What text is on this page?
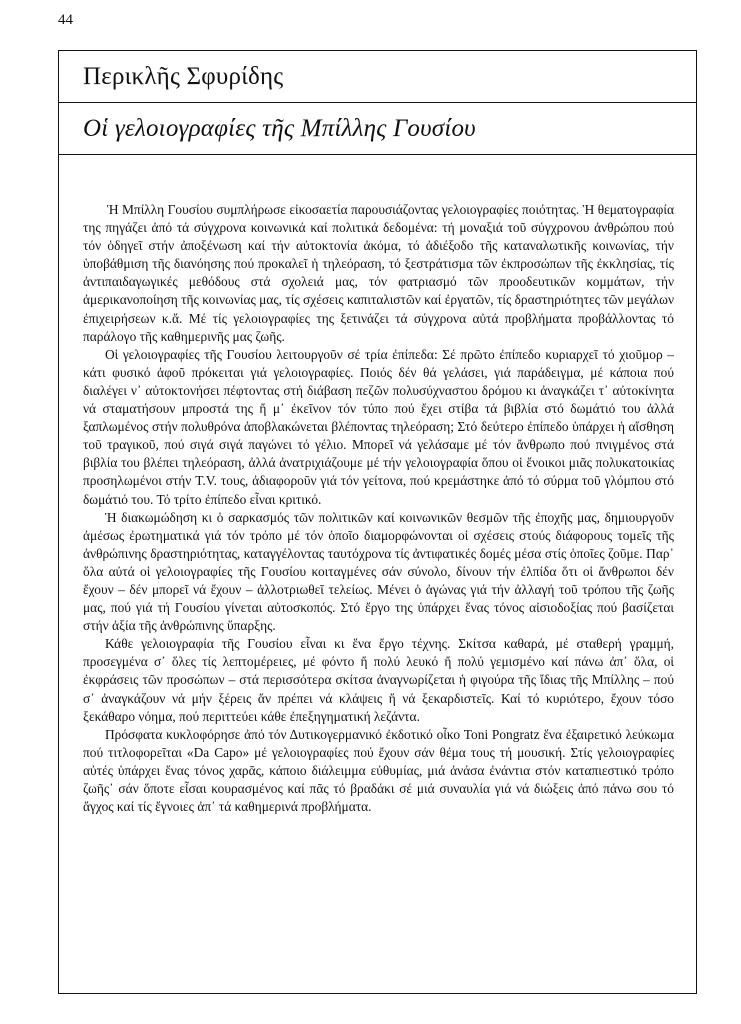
44
Περικλῆς Σφυρίδης
Οἱ γελοιογραφίες τῆς Μπίλλης Γουσίου

Ἡ Μπίλλη Γουσίου συμπλήρωσε εἰκοσαετία παρουσιάζοντας γελοιογραφίες ποιότητας. Ἡ θεματογραφία της πηγάζει ἀπό τά σύγχρονα κοινωνικά καί πολιτικά δεδομένα: τή μοναξιά τοῦ σύγχρονου ἀνθρώπου πού τόν ὁδηγεῖ στήν ἀποξένωση καί τήν αὐτοκτονία ἀκόμα, τό ἀδιέξοδο τῆς καταναλωτικῆς κοινωνίας, τήν ὑποβάθμιση τῆς διανόησης πού προκαλεῖ ἡ τηλεόραση, τό ξεστράτισμα τῶν ἐκπροσώπων τῆς ἐκκλησίας, τίς ἀντιπαιδαγωγικές μεθόδους στά σχολειά μας, τόν φατριασμό τῶν προοδευτικῶν κομμάτων, τήν ἀμερικανοποίηση τῆς κοινωνίας μας, τίς σχέσεις καπιταλιστῶν καί ἐργατῶν, τίς δραστηριότητες τῶν μεγάλων ἐπιχειρήσεων κ.ἄ. Μέ τίς γελοιογραφίες της ξετινάζει τά σύγχρονα αὐτά προβλήματα προβάλλοντας τό παράλογο τῆς καθημερινῆς μας ζωῆς.

Οἱ γελοιογραφίες τῆς Γουσίου λειτουργοῦν σέ τρία ἐπίπεδα: Σέ πρῶτο ἐπίπεδο κυριαρχεῖ τό χιοῦμορ – κάτι φυσικό ἀφοῦ πρόκειται γιά γελοιογραφίες. Ποιός δέν θά γελάσει, γιά παράδειγμα, μέ κάποια πού διαλέγει ν᾽ αὐτοκτονήσει πέφτοντας στή διάβαση πεζῶν πολυσύχναστου δρόμου κι ἀναγκάζει τ᾽ αὐτοκίνητα νά σταματήσουν μπροστά της ἤ μ᾽ ἐκεῖνον τόν τύπο πού ἔχει στίβα τά βιβλία στό δωμάτιό του ἀλλά ξαπλωμένος στήν πολυθρόνα ἀποβλακώνεται βλέποντας τηλεόραση; Στό δεύτερο ἐπίπεδο ὑπάρχει ἡ αἴσθηση τοῦ τραγικοῦ, πού σιγά σιγά παγώνει τό γέλιο. Μπορεῖ νά γελάσαμε μέ τόν ἄνθρωπο πού πνιγμένος στά βιβλία του βλέπει τηλεόραση, ἀλλά ἀνατριχιάζουμε μέ τήν γελοιογραφία ὅπου οἱ ἔνοικοι μιᾶς πολυκατοικίας προσηλωμένοι στήν T.V. τους, ἀδιαφοροῦν γιά τόν γείτονα, πού κρεμάστηκε ἀπό τό σύρμα τοῦ γλόμπου στό δωμάτιό του. Τό τρίτο ἐπίπεδο εἶναι κριτικό.

Ἡ διακωμώδηση κι ὁ σαρκασμός τῶν πολιτικῶν καί κοινωνικῶν θεσμῶν τῆς ἐποχῆς μας, δημιουργοῦν ἀμέσως ἐρωτηματικά γιά τόν τρόπο μέ τόν ὁποῖο διαμορφώνονται οἱ σχέσεις στούς διάφορους τομεῖς τῆς ἀνθρώπινης δραστηριότητας, καταγγέλοντας ταυτόχρονα τίς ἀντιφατικές δομές μέσα στίς ὁποῖες ζοῦμε. Παρ᾽ ὅλα αὐτά οἱ γελοιογραφίες τῆς Γουσίου κοιταγμένες σάν σύνολο, δίνουν τήν ἐλπίδα ὅτι οἱ ἄνθρωποι δέν ἔχουν – δέν μπορεῖ νά ἔχουν – ἀλλοτριωθεῖ τελείως. Μένει ὁ ἀγώνας γιά τήν ἀλλαγή τοῦ τρόπου τῆς ζωῆς μας, πού γιά τή Γουσίου γίνεται αὐτοσκοπός. Στό ἔργο της ὑπάρχει ἕνας τόνος αἰσιοδοξίας πού βασίζεται στήν ἀξία τῆς ἀνθρώπινης ὕπαρξης.

Κάθε γελοιογραφία τῆς Γουσίου εἶναι κι ἕνα ἔργο τέχνης. Σκίτσα καθαρά, μέ σταθερή γραμμή, προσεγμένα σ᾽ ὅλες τίς λεπτομέρειες, μέ φόντο ἤ πολύ λευκό ἤ πολύ γεμισμένο καί πάνω ἀπ᾽ ὅλα, οἱ ἐκφράσεις τῶν προσώπων – στά περισσότερα σκίτσα ἀναγνωρίζεται ἡ φιγούρα τῆς ἴδιας τῆς Μπίλλης – πού σ᾽ ἀναγκάζουν νά μήν ξέρεις ἄν πρέπει νά κλάψεις ἤ νά ξεκαρδιστεῖς. Καί τό κυριότερο, ἔχουν τόσο ξεκάθαρο νόημα, πού περιττεύει κάθε ἐπεξηγηματική λεζάντα.

Πρόσφατα κυκλοφόρησε ἀπό τόν Δυτικογερμανικό ἐκδοτικό οἶκο Toni Pongratz ἕνα ἐξαιρετικό λεύκωμα πού τιτλοφορεῖται «Da Capo» μέ γελοιογραφίες πού ἔχουν σάν θέμα τους τή μουσική. Στίς γελοιογραφίες αὐτές ὑπάρχει ἕνας τόνος χαρᾶς, κάποιο διάλειμμα εὐθυμίας, μιά ἀνάσα ἐνάντια στόν καταπιεστικό τρόπο ζωῆς᾽ σάν ὅποτε εἶσαι κουρασμένος καί πᾶς τό βραδάκι σέ μιά συναυλία γιά νά διώξεις ἀπό πάνω σου τό ἄγχος καί τίς ἔγνοιες ἀπ᾽ τά καθημερινά προβλήματα.
